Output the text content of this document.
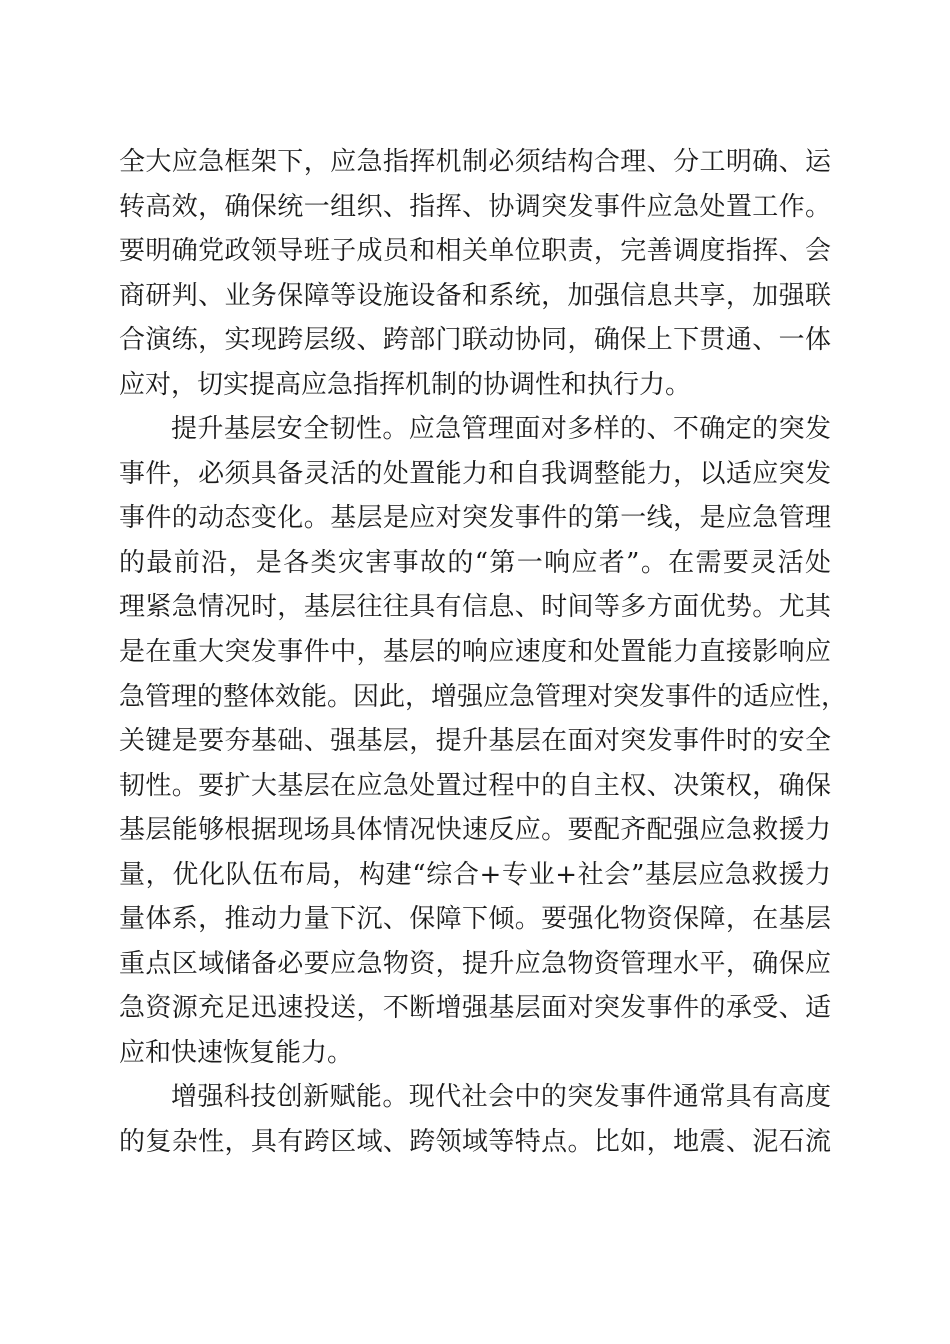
全大应急框架下，应急指挥机制必须结构合理、分工明确、运
转高效，确保统一组织、指挥、协调突发事件应急处置工作。
要明确党政领导班子成员和相关单位职责，完善调度指挥、会
商研判、业务保障等设施设备和系统，加强信息共享，加强联
合演练，实现跨层级、跨部门联动协同，确保上下贯通、一体
应对，切实提高应急指挥机制的协调性和执行力。
提升基层安全韧性。应急管理面对多样的、不确定的突发
事件，必须具备灵活的处置能力和自我调整能力，以适应突发
事件的动态变化。基层是应对突发事件的第一线，是应急管理
的最前沿，是各类灾害事故的“第一响应者”。在需要灵活处
理紧急情况时，基层往往具有信息、时间等多方面优势。尤其
是在重大突发事件中，基层的响应速度和处置能力直接影响应
急管理的整体效能。因此，增强应急管理对突发事件的适应性，
关键是要夯基础、强基层，提升基层在面对突发事件时的安全
韧性。要扩大基层在应急处置过程中的自主权、决策权，确保
基层能够根据现场具体情况快速反应。要配齐配强应急救援力
量，优化队伍布局，构建“综合+专业+社会”基层应急救援力
量体系，推动力量下沉、保障下倾。要强化物资保障，在基层
重点区域储备必要应急物资，提升应急物资管理水平，确保应
急资源充足迅速投送，不断增强基层面对突发事件的承受、适
应和快速恢复能力。
增强科技创新赋能。现代社会中的突发事件通常具有高度
的复杂性，具有跨区域、跨领域等特点。比如，地震、泥石流
